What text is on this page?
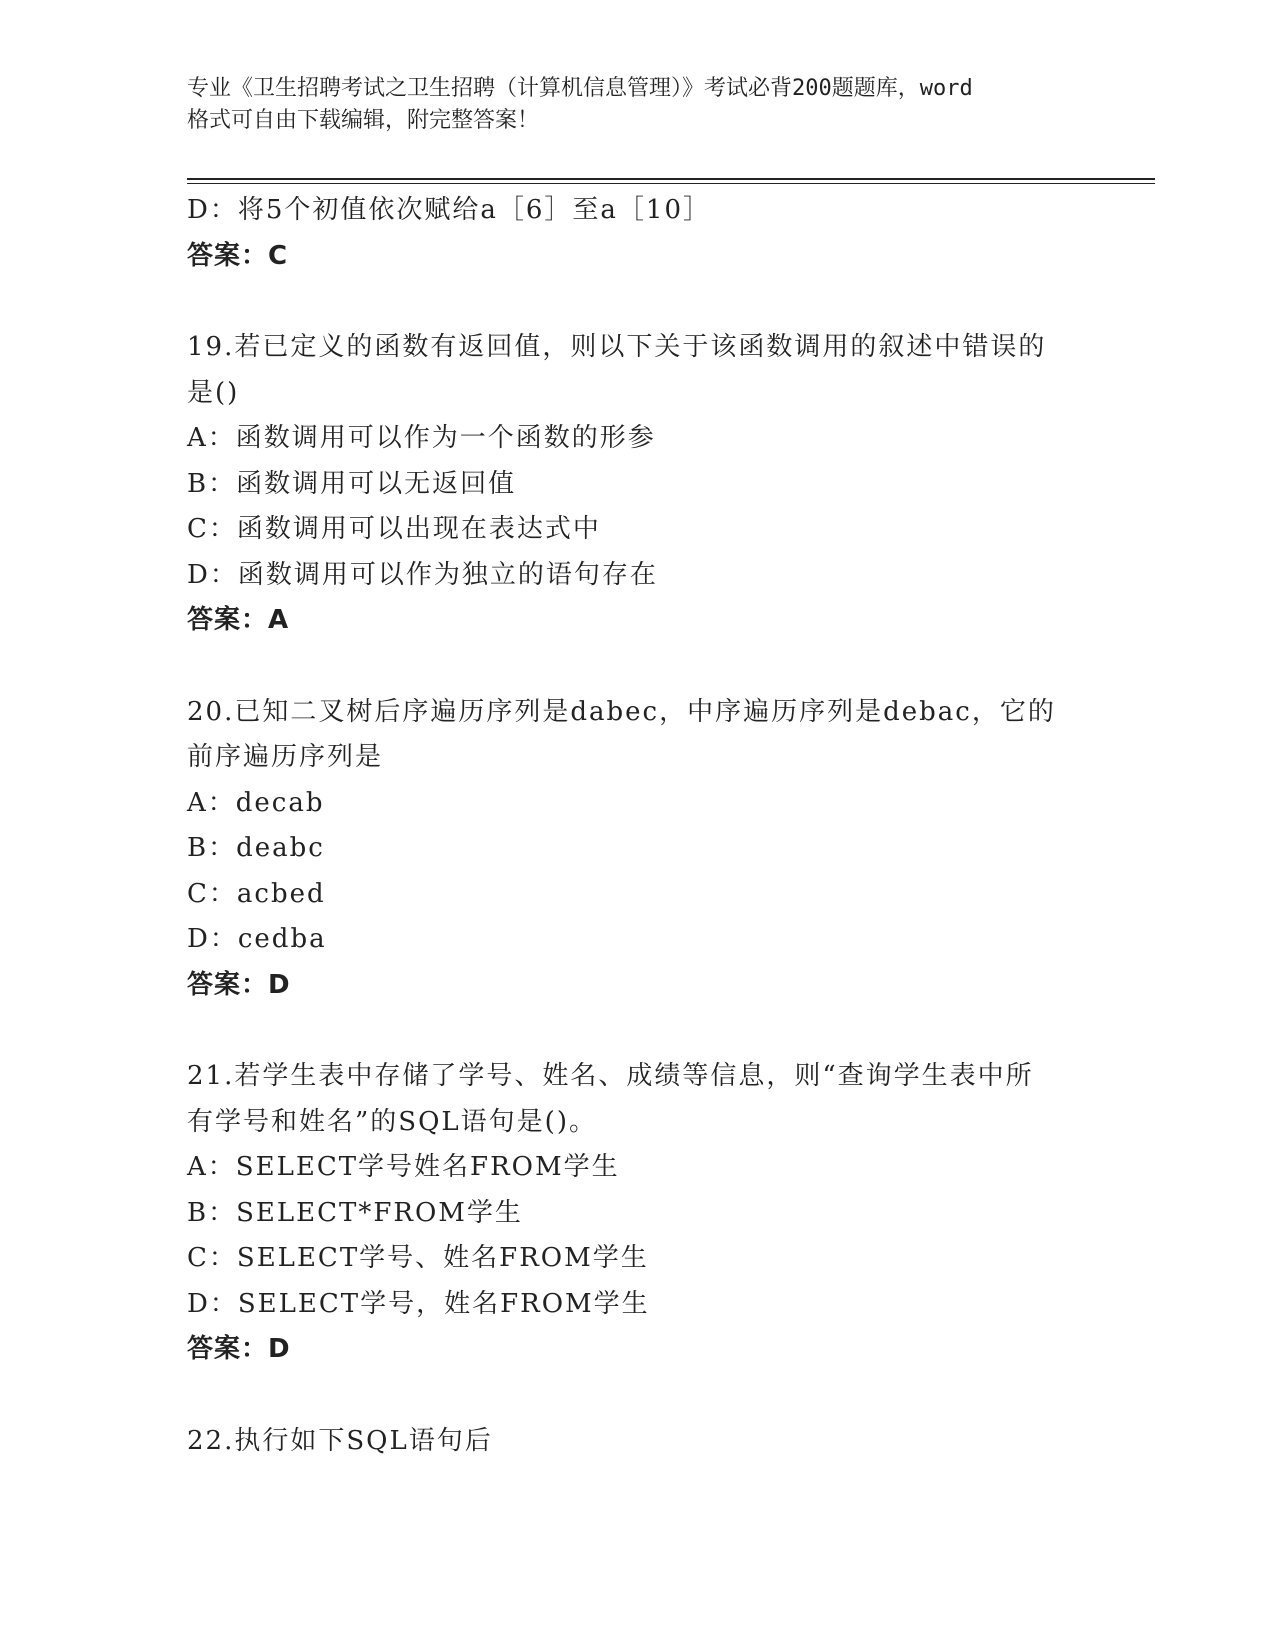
专业《卫生招聘考试之卫生招聘（计算机信息管理）》考试必背200题题库，word
格式可自由下载编辑，附完整答案！
D：将5个初值依次赋给a［6］至a［10］
答案：C
19.若已定义的函数有返回值，则以下关于该函数调用的叙述中错误的
是()
A：函数调用可以作为一个函数的形参
B：函数调用可以无返回值
C：函数调用可以出现在表达式中
D：函数调用可以作为独立的语句存在
答案：A
20.已知二叉树后序遍历序列是dabec，中序遍历序列是debac，它的
前序遍历序列是
A：decab
B：deabc
C：acbed
D：cedba
答案：D
21.若学生表中存储了学号、姓名、成绩等信息，则“查询学生表中所
有学号和姓名”的SQL语句是()。
A：SELECT学号姓名FROM学生
B：SELECT*FROM学生
C：SELECT学号、姓名FROM学生
D：SELECT学号，姓名FROM学生
答案：D
22.执行如下SQL语句后
